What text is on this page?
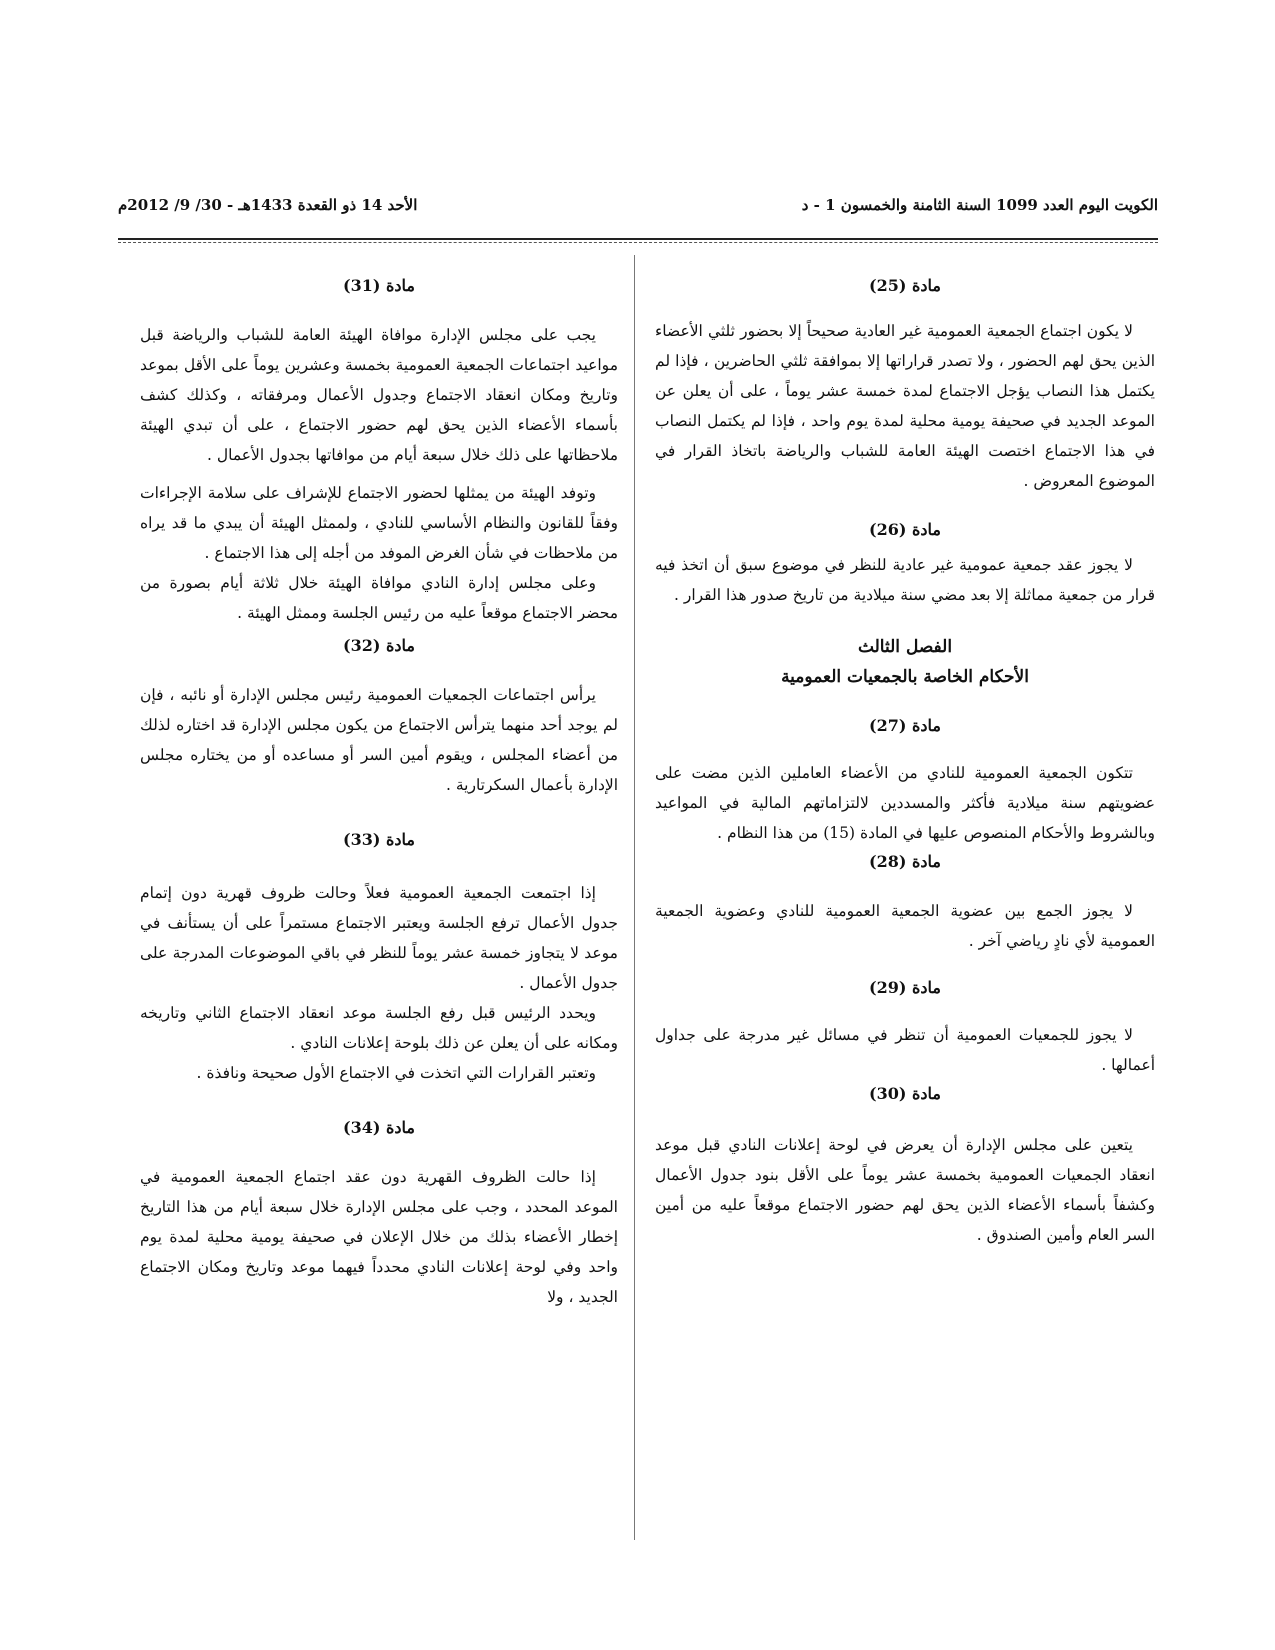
الكويت اليوم العدد 1099 السنة الثامنة والخمسون 1 - د
الأحد 14 ذو القعدة 1433هـ - 30/ 9/ 2012م
مادة (25)
لا يكون اجتماع الجمعية العمومية غير العادية صحيحاً إلا بحضور ثلثي الأعضاء الذين يحق لهم الحضور ، ولا تصدر قراراتها إلا بموافقة ثلثي الحاضرين ، فإذا لم يكتمل هذا النصاب يؤجل الاجتماع لمدة خمسة عشر يوماً ، على أن يعلن عن الموعد الجديد في صحيفة يومية محلية لمدة يوم واحد ، فإذا لم يكتمل النصاب في هذا الاجتماع اختصت الهيئة العامة للشباب والرياضة باتخاذ القرار في الموضوع المعروض .
مادة (26)
لا يجوز عقد جمعية عمومية غير عادية للنظر في موضوع سبق أن اتخذ فيه قرار من جمعية مماثلة إلا بعد مضي سنة ميلادية من تاريخ صدور هذا القرار .
الفصل الثالث
الأحكام الخاصة بالجمعيات العمومية
مادة (27)
تتكون الجمعية العمومية للنادي من الأعضاء العاملين الذين مضت على عضويتهم سنة ميلادية فأكثر والمسددين لالتزاماتهم المالية في المواعيد وبالشروط والأحكام المنصوص عليها في المادة (15) من هذا النظام .
مادة (28)
لا يجوز الجمع بين عضوية الجمعية العمومية للنادي وعضوية الجمعية العمومية لأي نادٍ رياضي آخر .
مادة (29)
لا يجوز للجمعيات العمومية أن تنظر في مسائل غير مدرجة على جداول أعمالها .
مادة (30)
يتعين على مجلس الإدارة أن يعرض في لوحة إعلانات النادي قبل موعد انعقاد الجمعيات العمومية بخمسة عشر يوماً على الأقل بنود جدول الأعمال وكشفاً بأسماء الأعضاء الذين يحق لهم حضور الاجتماع موقعاً عليه من أمين السر العام وأمين الصندوق .
مادة (31)
يجب على مجلس الإدارة موافاة الهيئة العامة للشباب والرياضة قبل مواعيد اجتماعات الجمعية العمومية بخمسة وعشرين يوماً على الأقل بموعد وتاريخ ومكان انعقاد الاجتماع وجدول الأعمال ومرفقاته ، وكذلك كشف بأسماء الأعضاء الذين يحق لهم حضور الاجتماع ، على أن تبدي الهيئة ملاحظاتها على ذلك خلال سبعة أيام من موافاتها بجدول الأعمال .
وتوفد الهيئة من يمثلها لحضور الاجتماع للإشراف على سلامة الإجراءات وفقاً للقانون والنظام الأساسي للنادي ، ولممثل الهيئة أن يبدي ما قد يراه من ملاحظات في شأن الغرض الموفد من أجله إلى هذا الاجتماع .
وعلى مجلس إدارة النادي موافاة الهيئة خلال ثلاثة أيام بصورة من محضر الاجتماع موقعاً عليه من رئيس الجلسة وممثل الهيئة .
مادة (32)
يرأس اجتماعات الجمعيات العمومية رئيس مجلس الإدارة أو نائبه ، فإن لم يوجد أحد منهما يترأس الاجتماع من يكون مجلس الإدارة قد اختاره لذلك من أعضاء المجلس ، ويقوم أمين السر أو مساعده أو من يختاره مجلس الإدارة بأعمال السكرتارية .
مادة (33)
إذا اجتمعت الجمعية العمومية فعلاً وحالت ظروف قهرية دون إتمام جدول الأعمال ترفع الجلسة ويعتبر الاجتماع مستمراً على أن يستأنف في موعد لا يتجاوز خمسة عشر يوماً للنظر في باقي الموضوعات المدرجة على جدول الأعمال .
ويحدد الرئيس قبل رفع الجلسة موعد انعقاد الاجتماع الثاني وتاريخه ومكانه على أن يعلن عن ذلك بلوحة إعلانات النادي .
وتعتبر القرارات التي اتخذت في الاجتماع الأول صحيحة ونافذة .
مادة (34)
إذا حالت الظروف القهرية دون عقد اجتماع الجمعية العمومية في الموعد المحدد ، وجب على مجلس الإدارة خلال سبعة أيام من هذا التاريخ إخطار الأعضاء بذلك من خلال الإعلان في صحيفة يومية محلية لمدة يوم واحد وفي لوحة إعلانات النادي محدداً فيهما موعد وتاريخ ومكان الاجتماع الجديد ، ولا
